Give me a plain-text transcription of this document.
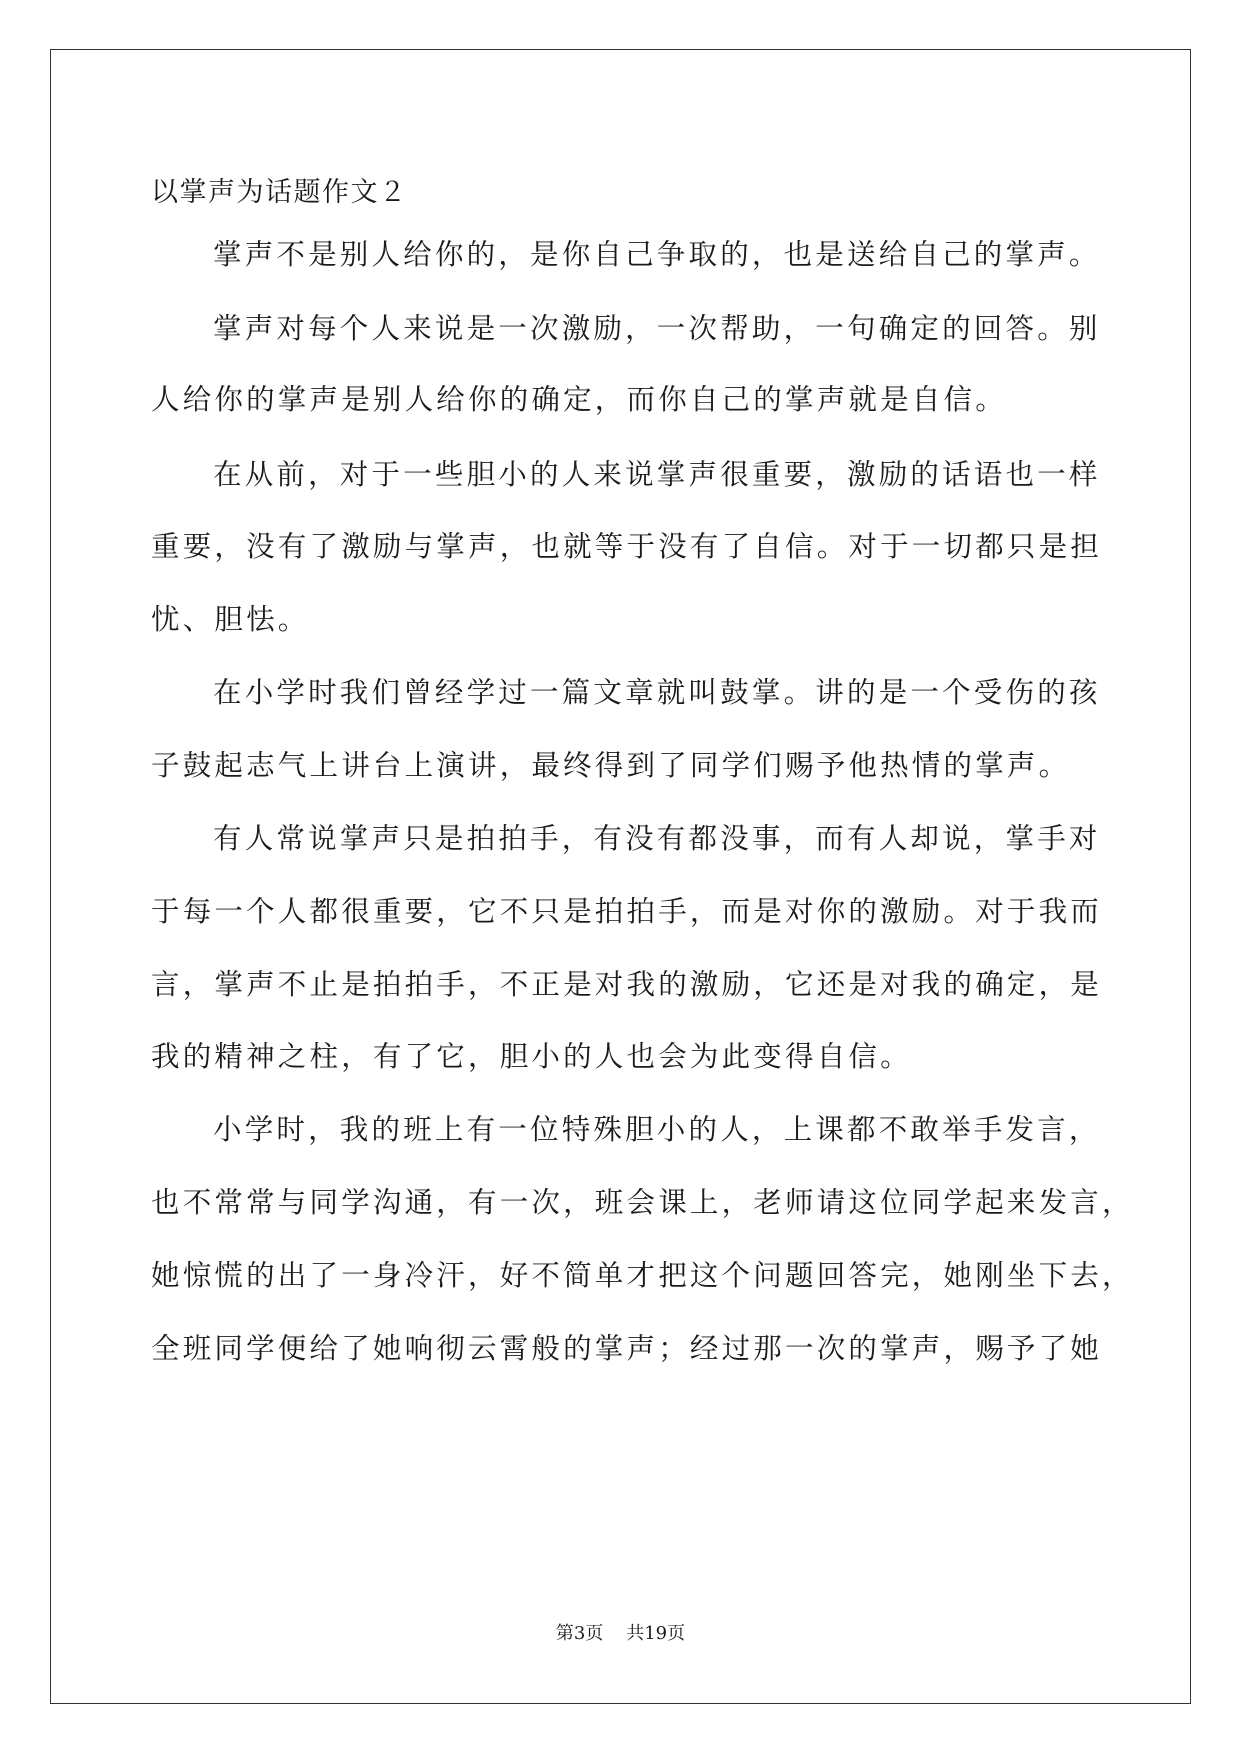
以掌声为话题作文２
掌声不是别人给你的，是你自己争取的，也是送给自己的掌声。
掌声对每个人来说是一次激励，一次帮助，一句确定的回答。别
人给你的掌声是别人给你的确定，而你自己的掌声就是自信。
在从前，对于一些胆小的人来说掌声很重要，激励的话语也一样
重要，没有了激励与掌声，也就等于没有了自信。对于一切都只是担
忧、胆怯。
在小学时我们曾经学过一篇文章就叫鼓掌。讲的是一个受伤的孩
子鼓起志气上讲台上演讲，最终得到了同学们赐予他热情的掌声。
有人常说掌声只是拍拍手，有没有都没事，而有人却说，掌手对
于每一个人都很重要，它不只是拍拍手，而是对你的激励。对于我而
言，掌声不止是拍拍手，不正是对我的激励，它还是对我的确定，是
我的精神之柱，有了它，胆小的人也会为此变得自信。
小学时，我的班上有一位特殊胆小的人，上课都不敢举手发言，
也不常常与同学沟通，有一次，班会课上，老师请这位同学起来发言，
她惊慌的出了一身冷汗，好不简单才把这个问题回答完，她刚坐下去，
全班同学便给了她响彻云霄般的掌声；经过那一次的掌声，赐予了她
第3页    共19页
